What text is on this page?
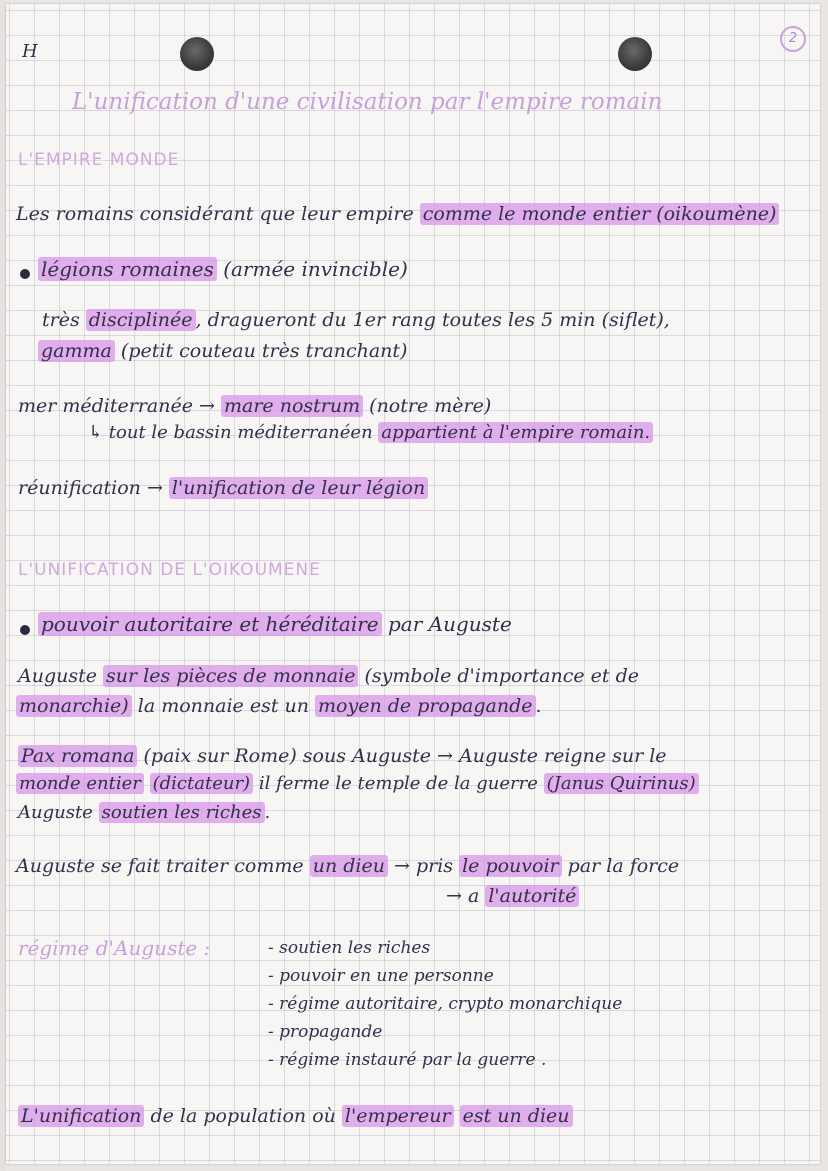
H
2
L'unification d'une civilisation par l'empire romain
L'EMPIRE MONDE
Les romains considérant que leur empire comme le monde entier (oikoumène)
légions romaines (armée invincible)
très disciplinée , dragueront du 1er rang toutes les 5 min (siflet),
gamma (petit couteau très tranchant)
mer méditerranée → mare nostrum (notre mère)
↳ tout le bassin méditerranéen appartient à l'empire romain.
réunification → l'unification de leur légion
L'UNIFICATION DE L'OIKOUMENE
pouvoir autoritaire et héréditaire par Auguste
Auguste sur les pièces de monnaie (symbole d'importance et de
monarchie) la monnaie est un moyen de propagande .
Pax romana (paix sur Rome) sous Auguste → Auguste reigne sur le
monde entier (dictateur) il ferme le temple de la guerre (Janus Quirinus)
Auguste soutien les riches .
Auguste se fait traiter comme un dieu → pris le pouvoir par la force
→ a l'autorité
régime d'Auguste :	- soutien les riches
- pouvoir en une personne
- régime autoritaire, crypto monarchique
- propagande
- régime instauré par la guerre .
L'unification de la population où l'empereur est un dieu
